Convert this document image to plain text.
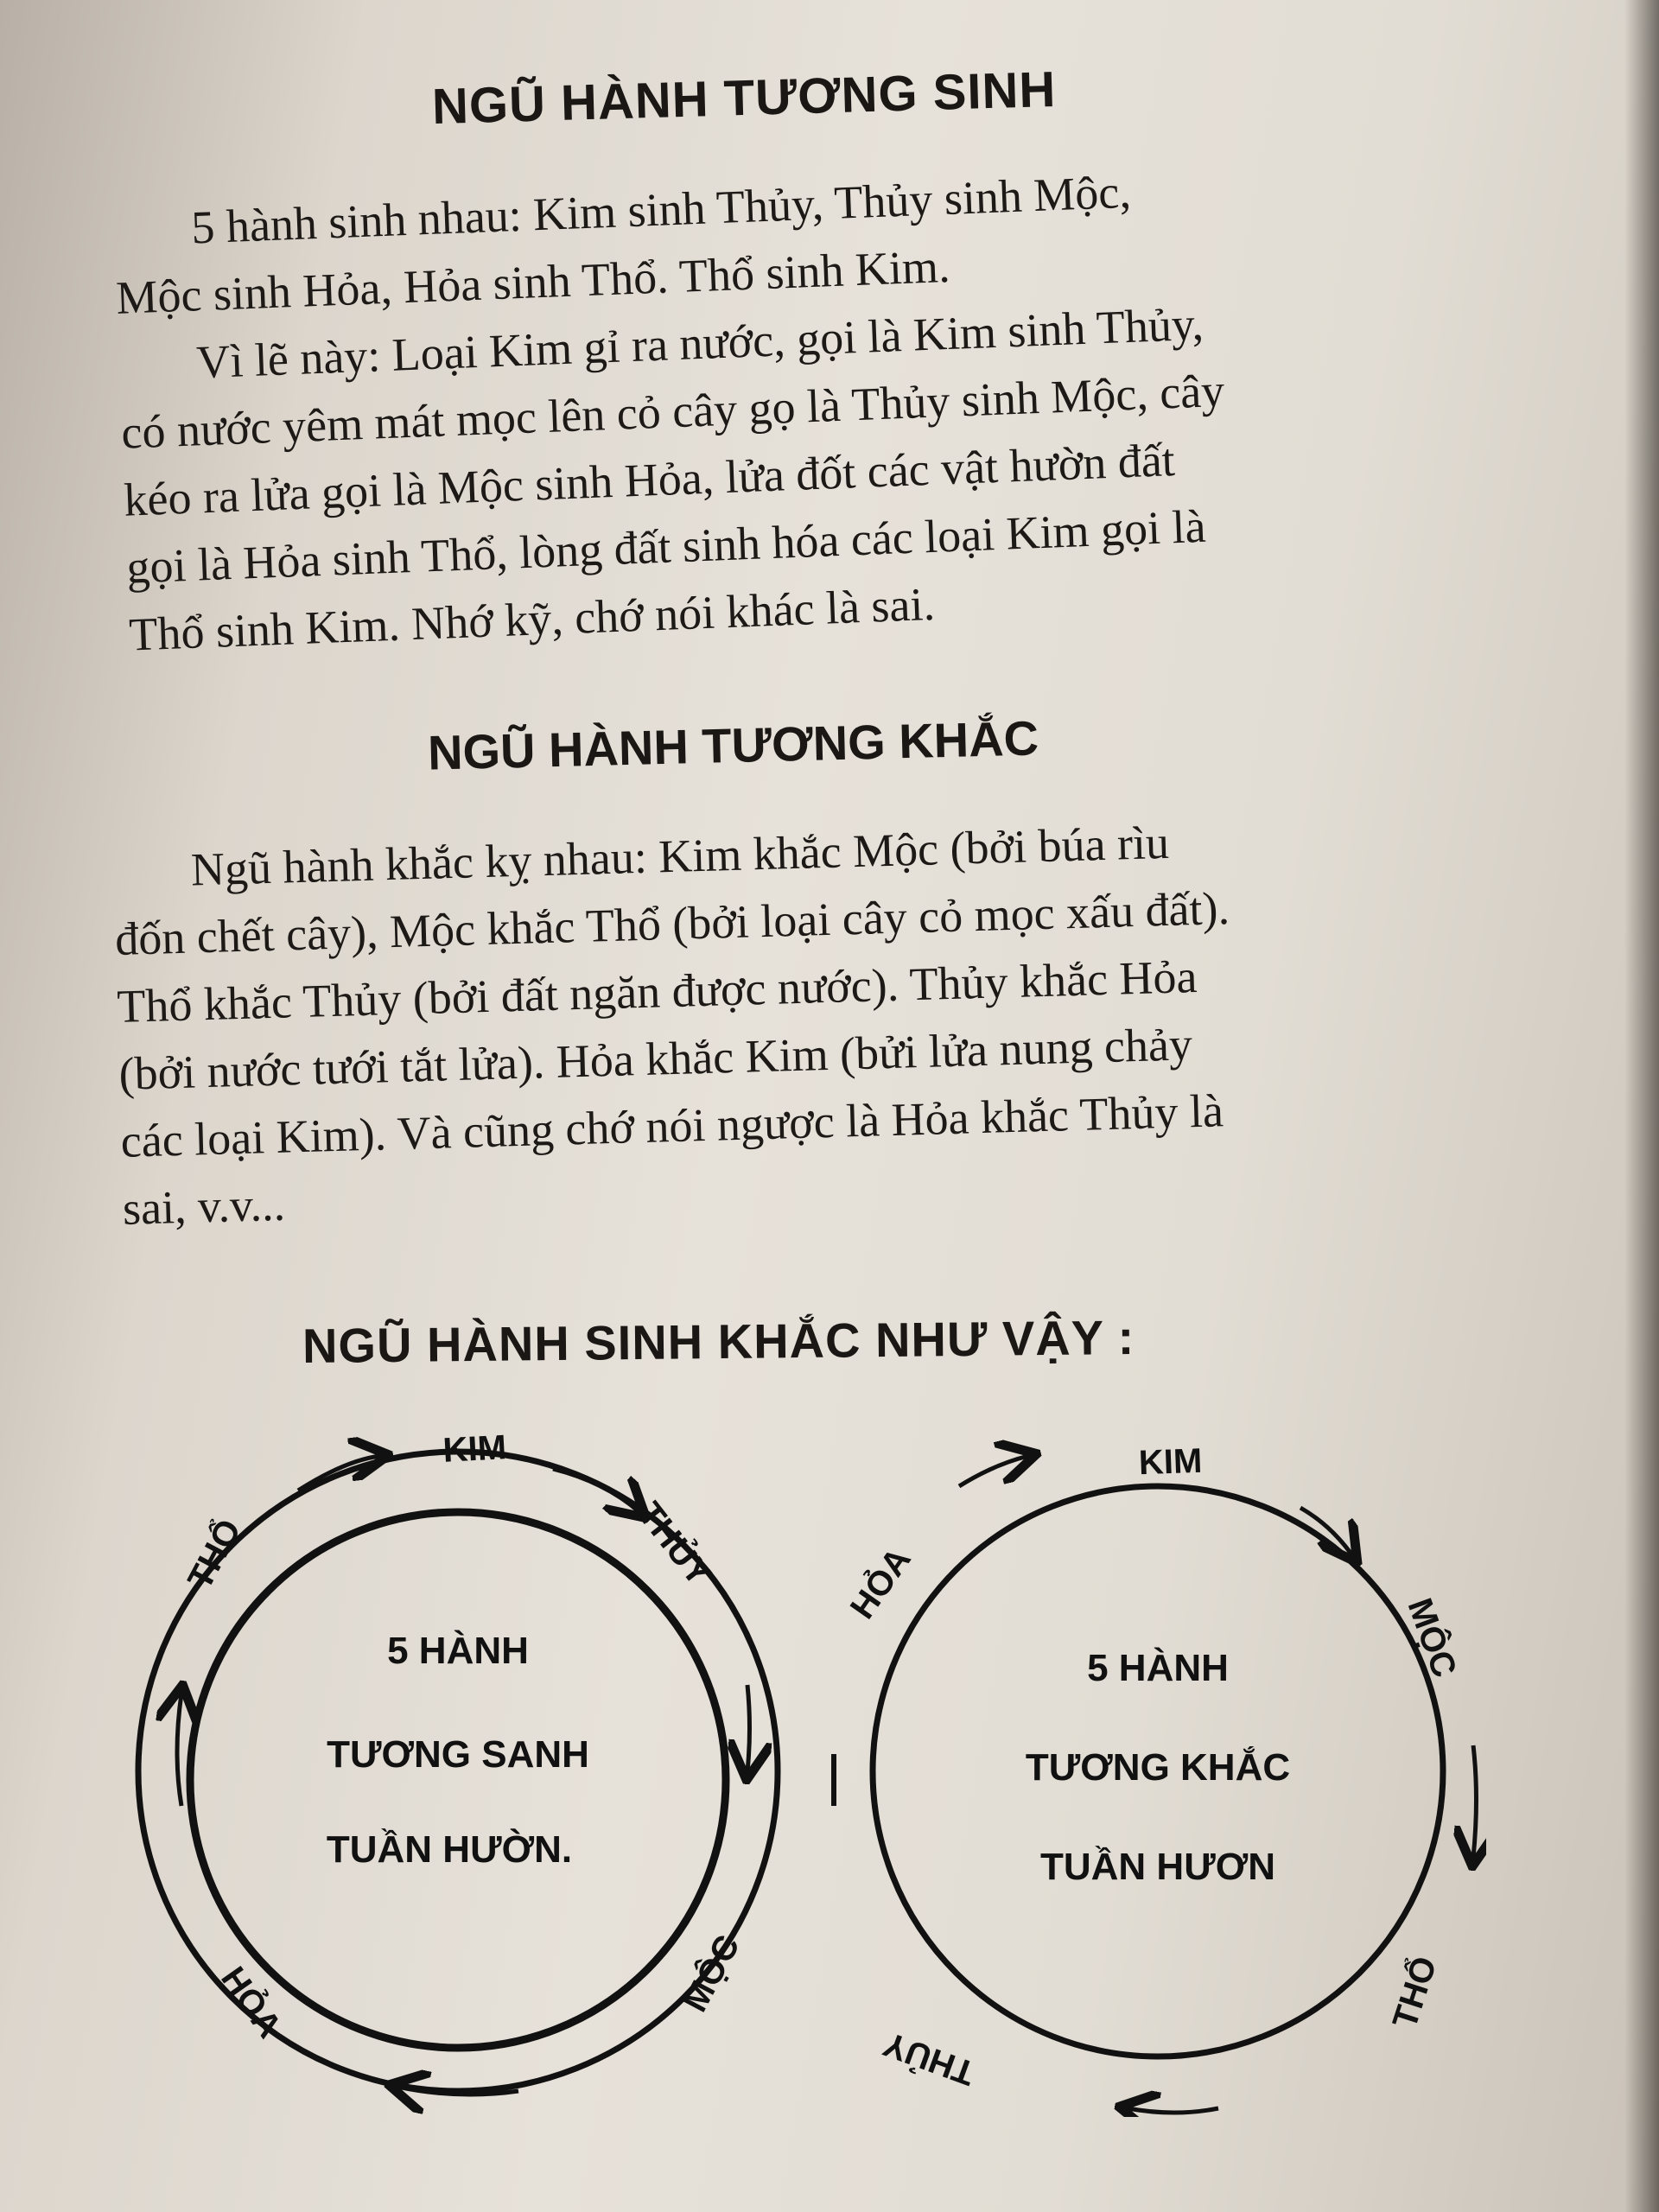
NGŨ HÀNH TƯƠNG SINH
5 hành sinh nhau: Kim sinh Thủy, Thủy sinh Mộc,
Mộc sinh Hỏa, Hỏa sinh Thổ. Thổ sinh Kim.
Vì lẽ này: Loại Kim gỉ ra nước, gọi là Kim sinh Thủy,
có nước yêm mát mọc lên cỏ cây gọ là Thủy sinh Mộc, cây
kéo ra lửa gọi là Mộc sinh Hỏa, lửa đốt các vật hườn đất
gọi là Hỏa sinh Thổ, lòng đất sinh hóa các loại Kim gọi là
Thổ sinh Kim. Nhớ kỹ, chớ nói khác là sai.
NGŨ HÀNH TƯƠNG KHẮC
Ngũ hành khắc kỵ nhau: Kim khắc Mộc (bởi búa rìu
đốn chết cây), Mộc khắc Thổ (bởi loại cây cỏ mọc xấu đất).
Thổ khắc Thủy (bởi đất ngăn được nước). Thủy khắc Hỏa
(bởi nước tưới tắt lửa). Hỏa khắc Kim (bửi lửa nung chảy
các loại Kim). Và cũng chớ nói ngược là Hỏa khắc Thủy là
sai, v.v...
NGŨ HÀNH SINH KHẮC NHƯ VẬY :
KIM
THỦY
MỘC
HỎA
THỔ
5 HÀNH
TƯƠNG SANH
TUẦN HƯỜN.
KIM
MỘC
THỔ
THỦY
HỎA
5 HÀNH
TƯƠNG KHẮC
TUẦN HƯƠN
